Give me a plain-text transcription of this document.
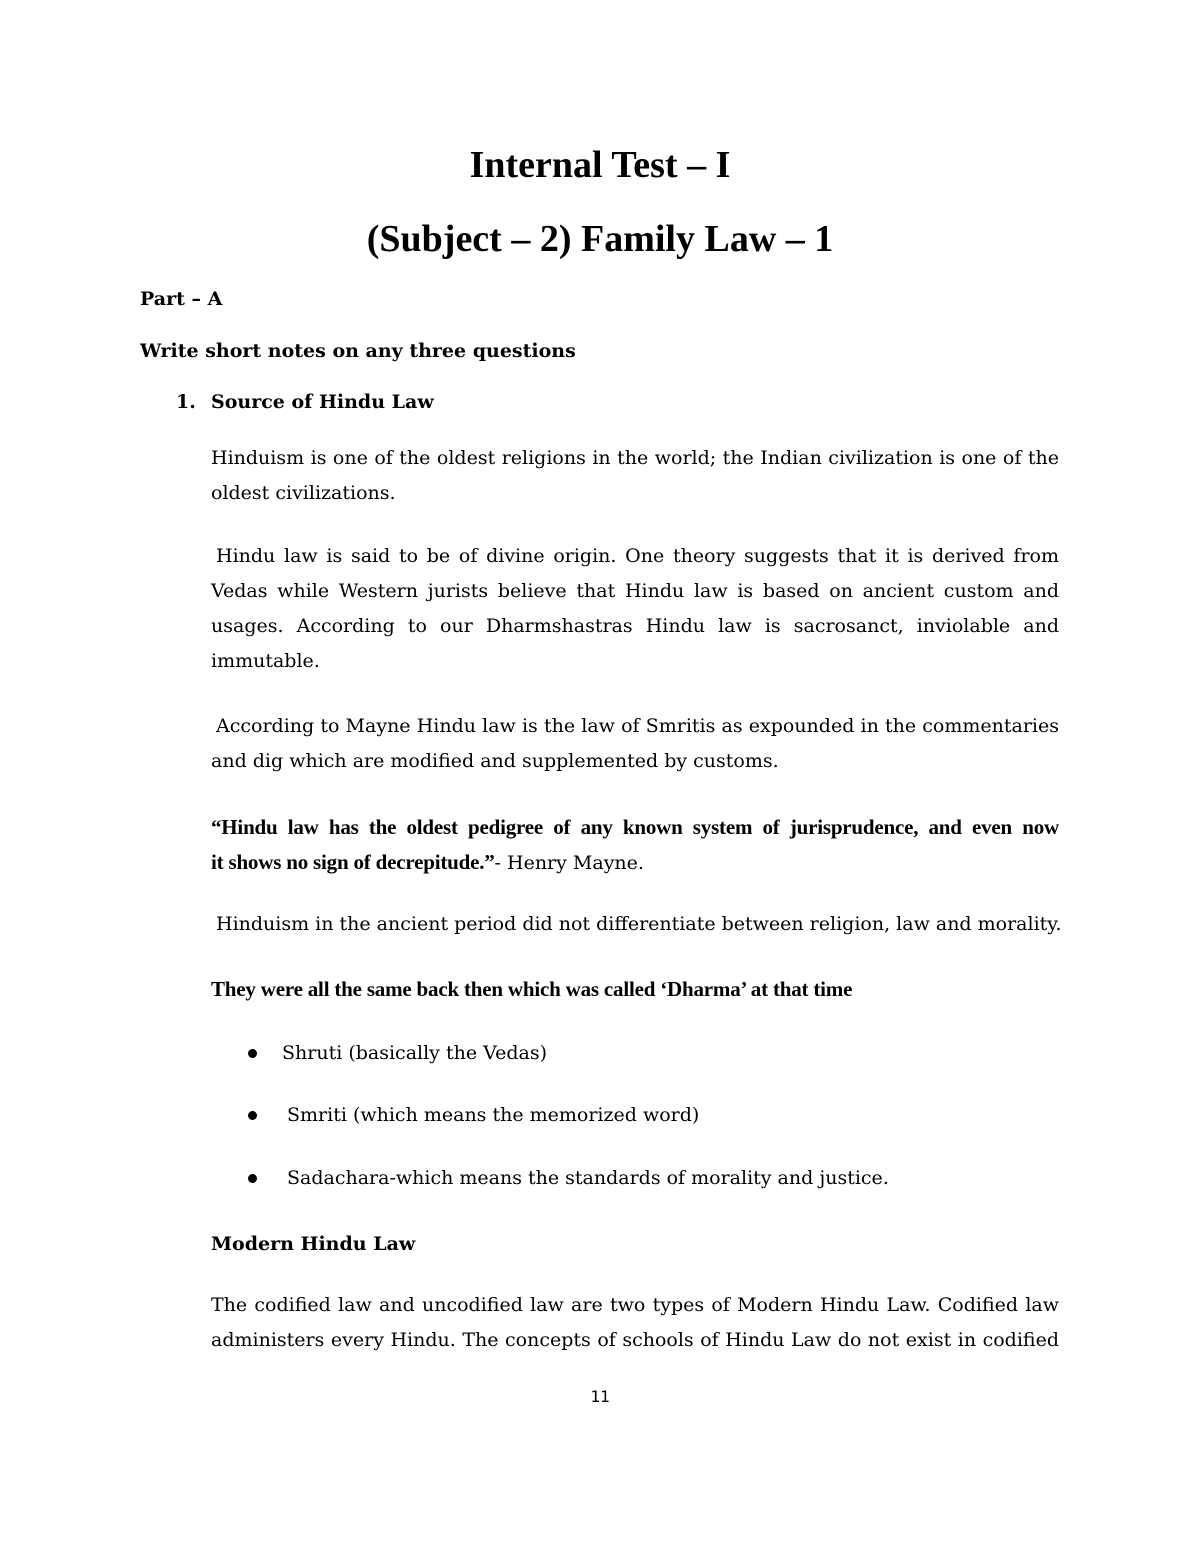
Internal Test – I
(Subject – 2) Family Law – 1
Part – A
Write short notes on any three questions
1. Source of Hindu Law
Hinduism is one of the oldest religions in the world; the Indian civilization is one of the
oldest civilizations.
Hindu law is said to be of divine origin. One theory suggests that it is derived from
Vedas while Western jurists believe that Hindu law is based on ancient custom and
usages. According to our Dharmshastras Hindu law is sacrosanct, inviolable and
immutable.
According to Mayne Hindu law is the law of Smritis as expounded in the commentaries
and dig which are modified and supplemented by customs.
“Hindu law has the oldest pedigree of any known system of jurisprudence, and even now
it shows no sign of decrepitude.”- Henry Mayne.
Hinduism in the ancient period did not differentiate between religion, law and morality.
They were all the same back then which was called ‘Dharma’ at that time
Shruti (basically the Vedas)
Smriti (which means the memorized word)
Sadachara-which means the standards of morality and justice.
Modern Hindu Law
The codified law and uncodified law are two types of Modern Hindu Law. Codified law
administers every Hindu. The concepts of schools of Hindu Law do not exist in codified
11
